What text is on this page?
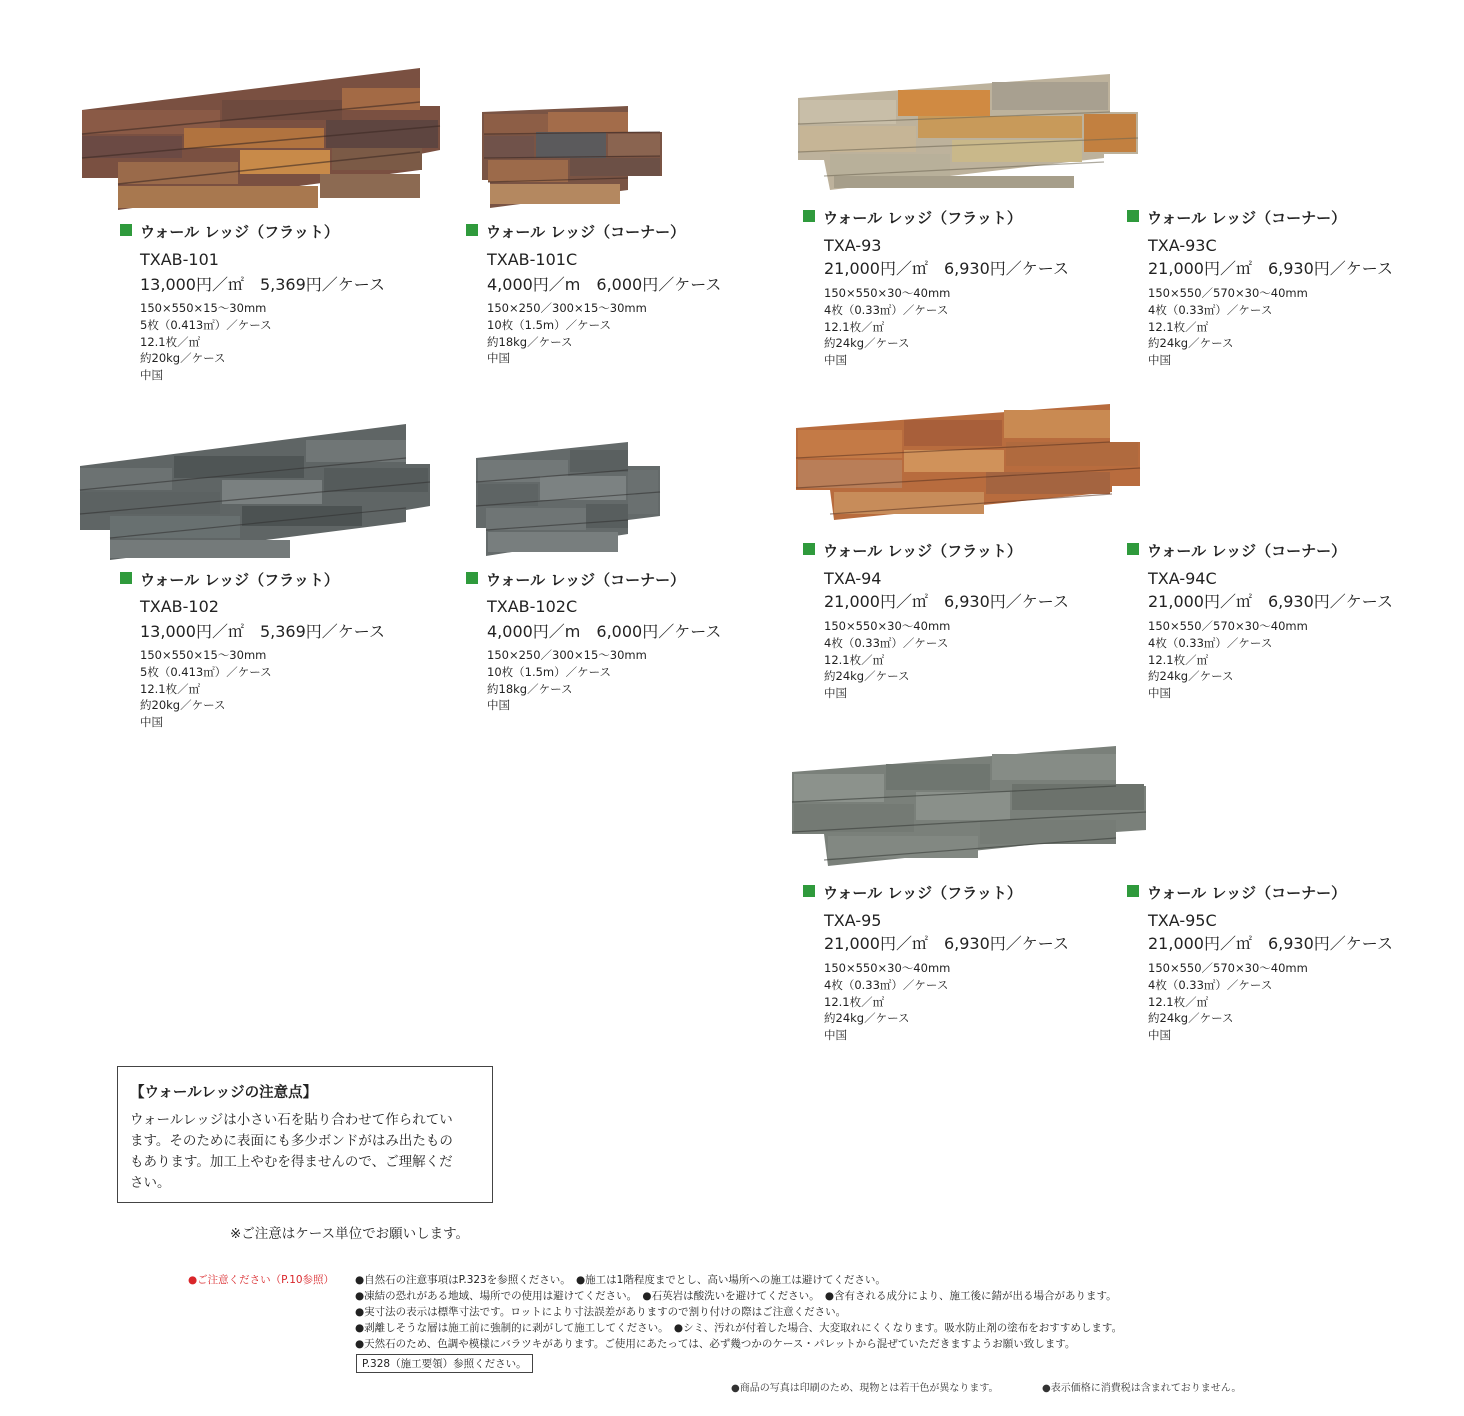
ウォール レッジ（フラット）
TXAB-101
13,000円／㎡　5,369円／ケース
150×550×15〜30mm
5枚（0.413㎡）／ケース
12.1枚／㎡
約20kg／ケース
中国
ウォール レッジ（コーナー）
TXAB-101C
4,000円／m　6,000円／ケース
150×250／300×15〜30mm
10枚（1.5m）／ケース
約18kg／ケース
中国
ウォール レッジ（フラット）
TXAB-102
13,000円／㎡　5,369円／ケース
150×550×15〜30mm
5枚（0.413㎡）／ケース
12.1枚／㎡
約20kg／ケース
中国
ウォール レッジ（コーナー）
TXAB-102C
4,000円／m　6,000円／ケース
150×250／300×15〜30mm
10枚（1.5m）／ケース
約18kg／ケース
中国
ウォール レッジ（フラット）
TXA-93
21,000円／㎡　6,930円／ケース
150×550×30〜40mm
4枚（0.33㎡）／ケース
12.1枚／㎡
約24kg／ケース
中国
ウォール レッジ（コーナー）
TXA-93C
21,000円／㎡　6,930円／ケース
150×550／570×30〜40mm
4枚（0.33㎡）／ケース
12.1枚／㎡
約24kg／ケース
中国
ウォール レッジ（フラット）
TXA-94
21,000円／㎡　6,930円／ケース
150×550×30〜40mm
4枚（0.33㎡）／ケース
12.1枚／㎡
約24kg／ケース
中国
ウォール レッジ（コーナー）
TXA-94C
21,000円／㎡　6,930円／ケース
150×550／570×30〜40mm
4枚（0.33㎡）／ケース
12.1枚／㎡
約24kg／ケース
中国
ウォール レッジ（フラット）
TXA-95
21,000円／㎡　6,930円／ケース
150×550×30〜40mm
4枚（0.33㎡）／ケース
12.1枚／㎡
約24kg／ケース
中国
ウォール レッジ（コーナー）
TXA-95C
21,000円／㎡　6,930円／ケース
150×550／570×30〜40mm
4枚（0.33㎡）／ケース
12.1枚／㎡
約24kg／ケース
中国
【ウォールレッジの注意点】
ウォールレッジは小さい石を貼り合わせて作られてい
ます。そのために表面にも多少ボンドがはみ出たもの
もあります。加工上やむを得ませんので、ご理解くだ
さい。
※ご注意はケース単位でお願いします。
●ご注意ください（P.10参照） ●自然石の注意事項はP.323を参照ください。　●施工は1階程度までとし、高い場所への施工は避けてください。
●凍結の恐れがある地域、場所での使用は避けてください。　●石英岩は酸洗いを避けてください。　●含有される成分により、施工後に錆が出る場合があります。
●実寸法の表示は標準寸法です。ロットにより寸法誤差がありますので割り付けの際はご注意ください。
●剥離しそうな層は施工前に強制的に剥がして施工してください。　●シミ、汚れが付着した場合、大変取れにくくなります。吸水防止剤の塗布をおすすめします。
●天然石のため、色調や模様にバラツキがあります。ご使用にあたっては、必ず幾つかのケース・パレットから混ぜていただきますようお願い致します。
P.328（施工要領）参照ください。
●商品の写真は印刷のため、現物とは若干色が異なります。	●表示価格に消費税は含まれておりません。
